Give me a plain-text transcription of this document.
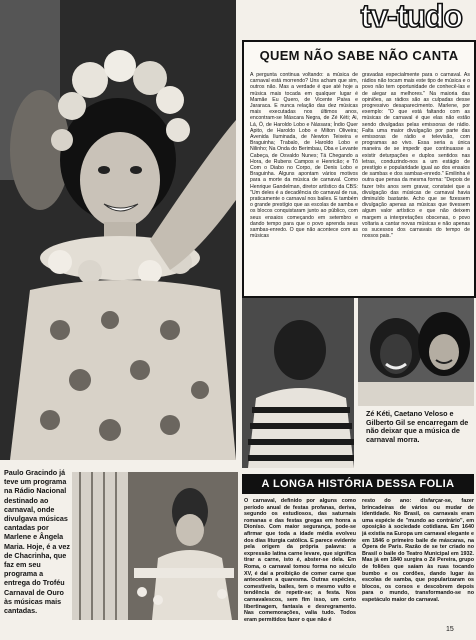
tv-tudo
QUEM NÃO SABE NÃO CANTA

A pergunta continua voltando: a música de carnaval está morrendo? Uns acham que sim, outros não. Mas a verdade é que até hoje a música mais tocada em qualquer lugar é Mamãe Eu Quero, de Vicente Paiva e Jararaca. E nunca relação das dez músicas mais executadas nos últimos anos, encontram-se Máscara Negra, de Zé Kéti; Ai, Lá, Ó, de Haroldo Lobo e Nássara; Índio Quer Apito, de Haroldo Lobo e Milton Oliveira; Avenida Iluminada, de Newton Teixeira e Braguinha; Trabalo, de Haroldo Lobo e Nilinho; Na Onda do Berimbau, Oba e Levante Cabeça, de Osvaldo Nunes; Tá Chegando a Hora, de Rubens Campos e Henricão; e Tô Com o Diabo no Corpo, de Denis Lobo e Braguinha. Alguns apontam vários motivos para a morte da música de carnaval. Como Henrique Gandelman, diretor artístico da CBS: "Um deles é a decadência do carnaval de rua, praticamente o carnaval nos bailes. E também o grande prestígio que as escolas de samba e os blocos conquistaram junto ao público, com seus ensaios começando em setembro e dando tempo para que o povo aprenda seus sambas-enredo. O que não acontece com as músicas

gravadas especialmente para o carnaval. As rádios não tocam mais este tipo de música e o povo não tem oportunidade de conhecê-las e de alegar as melhores." Na maioria das opiniões, as rádios são as culpadas desse progressivo desaparecimento. Marlene, por exemplo: "O que está faltando com as músicas de carnaval é que elas não estão sendo divulgadas pelas emissoras de rádio. Falta uma maior divulgação por parte das emissoras de rádio e televisão, com programas ao vivo. Essa seria a única maneira de se impedir que continuasse a existir deturpações e duplos sentidos nas letras, conduzindo-nos a um estágio de prestígio e popularidade igual ao dos ensaios de sambas e dos sambas-enredo." Emilinha é outra que pensa da mesma forma: "Depois de fazer três anos sem gravar, constatei que a divulgação das músicas de carnaval havia diminuído bastante. Acho que se fizessem divulgação apenas as músicas que tivessem algum valor artístico e que não deixem margem a interpretações obscenas, o povo voltaria a cantar novas músicas e não apenas os sucessos dos carnavais do tempo de nossos pais."

Zé Kéti, Caetano Veloso e Gilberto Gil se encarregam de não deixar que a música de carnaval morra.
Paulo Gracindo já teve um programa na Rádio Nacional destinado ao carnaval, onde divulgava músicas cantadas por Marlene e Ângela Maria. Hoje, é a vez de Chacrinha, que faz em seu programa a entrega do Troféu Carnaval de Ouro às músicas mais cantadas.
A LONGA HISTÓRIA DESSA FOLIA

O carnaval, definido por alguns como período anual de festas profanas, deriva, segundo os estudiosos, das saturnais romanas e das festas gregas em honra a Dioníso. Com maior segurança, pode-se afirmar que toda a idade média evolveu dos dias liturgia católica. E parece evidente pela origem da própria palavra: a expressão latina carne levare, que significa tirar a carne, isto é, abster-se dela. Em Roma, o carnaval tomou forma no século XV, é daí a proibição de comer carne que antecedem a quaresma. Outras espécies, comestíveis, bailes, tem o mesmo vulto e tendência de repetir-se; a festa. Nos carnavalescos, sem fim isso, um certo libertinagem, fantasia e desregramento. Nas comemorações, valia tudo. Todos eram permitidos fazer o que não é

resto do ano: disfarçar-se, fazer brincadeiras de vários ou mudar de identidade. No Brasil, os carnavais eram uma espécie de "mundo ao contrário", em oposição à sociedade cotidiana. Em 1640 já existia na Europa um carnaval elegante e em 1846 o primeiro baile de máscaras, na Ópera de Paris. Razão de se ter criado no Brasil o baile do Teatro Municipal em 1932. Mas já em 1840 surgira o Zé Pereira, grupo de foliões que saíam às ruas tocando bumbo e os cordões, dando lugar às escolas de samba, que popularizaram os blocos, os corsos e descobrem depois para o mundo, transformando-se no espetáculo maior do carnaval.

15
